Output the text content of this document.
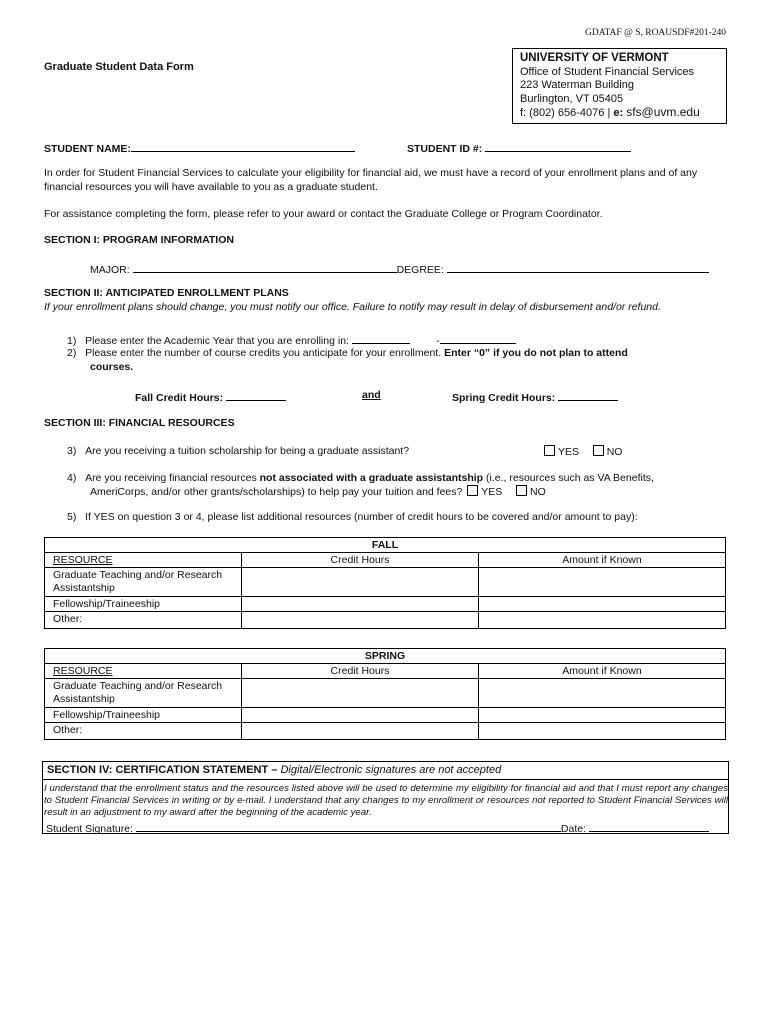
GDATAF @ S, ROAUSDF#201-240
Graduate Student Data Form
UNIVERSITY OF VERMONT
Office of Student Financial Services
223 Waterman Building
Burlington, VT 05405
f: (802) 656-4076 | e: sfs@uvm.edu
STUDENT NAME:	STUDENT ID #:
In order for Student Financial Services to calculate your eligibility for financial aid, we must have a record of your enrollment plans and of any financial resources you will have available to you as a graduate student.
For assistance completing the form, please refer to your award or contact the Graduate College or Program Coordinator.
SECTION I: PROGRAM INFORMATION
MAJOR:	DEGREE:
SECTION II: ANTICIPATED ENROLLMENT PLANS
If your enrollment plans should change, you must notify our office. Failure to notify may result in delay of disbursement and/or refund.
1) Please enter the Academic Year that you are enrolling in:	-
2) Please enter the number of course credits you anticipate for your enrollment. Enter “0” if you do not plan to attend
courses.
Fall Credit Hours:	and	Spring Credit Hours:
SECTION III: FINANCIAL RESOURCES
3) Are you receiving a tuition scholarship for being a graduate assistant?	YES	NO
4) Are you receiving financial resources not associated with a graduate assistantship (i.e., resources such as VA Benefits,
AmeriCorps, and/or other grants/scholarships) to help pay your tuition and fees? YES	NO
5) If YES on question 3 or 4, please list additional resources (number of credit hours to be covered and/or amount to pay):
FALL		
RESOURCE	Credit Hours	Amount if Known
Graduate Teaching and/or Research Assistantship		
Fellowship/Traineeship		
Other:		
SPRING		
RESOURCE	Credit Hours	Amount if Known
Graduate Teaching and/or Research Assistantship		
Fellowship/Traineeship		
Other:		
SECTION IV: CERTIFICATION STATEMENT – Digital/Electronic signatures are not accepted
I understand that the enrollment status and the resources listed above will be used to determine my eligibility for financial aid and that I must report any changes to Student Financial Services in writing or by e-mail. I understand that any changes to my enrollment or resources not reported to Student Financial Services will result in an adjustment to my award after the beginning of the academic year.
Student Signature:	Date:
